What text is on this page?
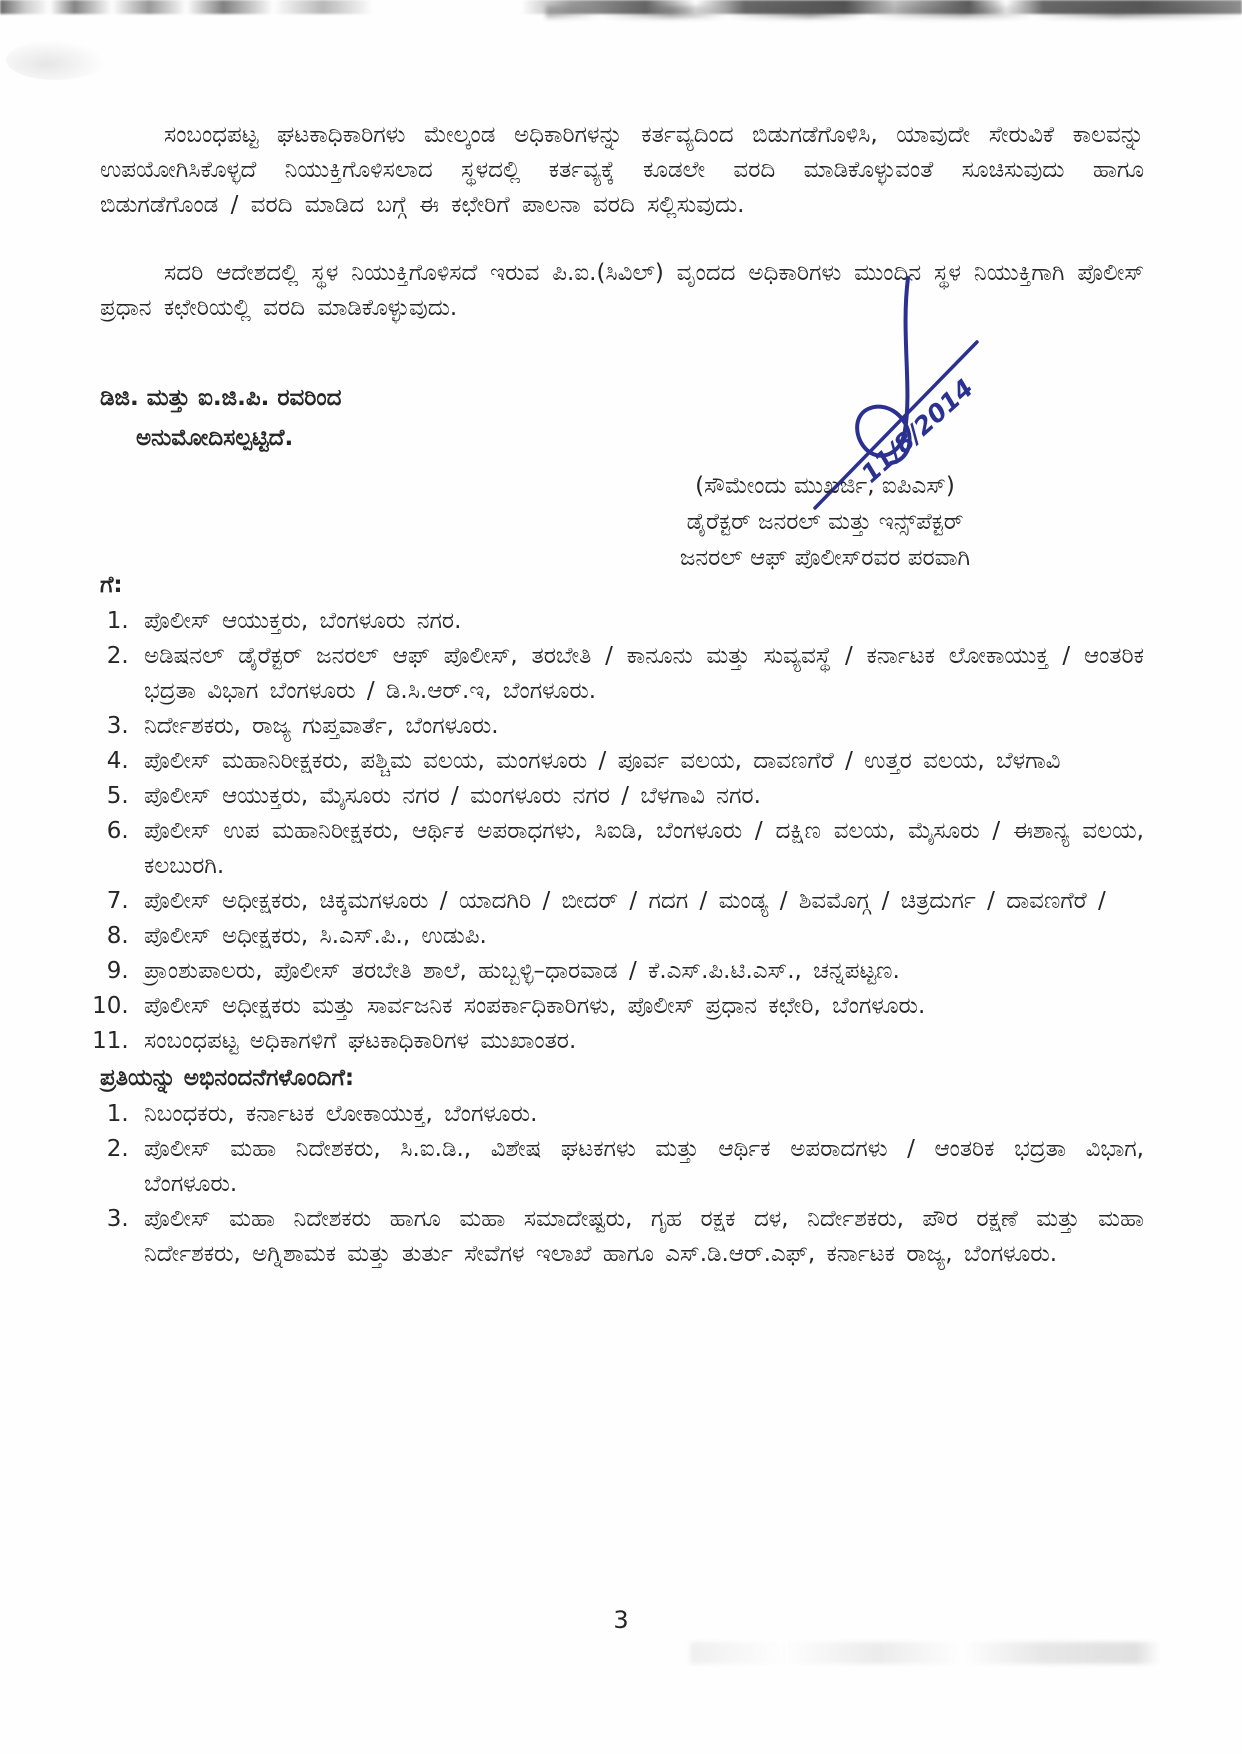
ಸಂಬಂಧಪಟ್ಟ ಘಟಕಾಧಿಕಾರಿಗಳು ಮೇಲ್ಕಂಡ ಅಧಿಕಾರಿಗಳನ್ನು ಕರ್ತವ್ಯದಿಂದ ಬಿಡುಗಡೆಗೊಳಿಸಿ, ಯಾವುದೇ ಸೇರುವಿಕೆ ಕಾಲವನ್ನು ಉಪಯೋಗಿಸಿಕೊಳ್ಳದೆ ನಿಯುಕ್ತಿಗೊಳಿಸಲಾದ ಸ್ಥಳದಲ್ಲಿ ಕರ್ತವ್ಯಕ್ಕೆ ಕೂಡಲೇ ವರದಿ ಮಾಡಿಕೊಳ್ಳುವಂತೆ ಸೂಚಿಸುವುದು ಹಾಗೂ ಬಿಡುಗಡೆಗೊಂಡ / ವರದಿ ಮಾಡಿದ ಬಗ್ಗೆ ಈ ಕಛೇರಿಗೆ ಪಾಲನಾ ವರದಿ ಸಲ್ಲಿಸುವುದು.

ಸದರಿ ಆದೇಶದಲ್ಲಿ ಸ್ಥಳ ನಿಯುಕ್ತಿಗೊಳಿಸದೆ ಇರುವ ಪಿ.ಐ.(ಸಿವಿಲ್) ವೃಂದದ ಅಧಿಕಾರಿಗಳು ಮುಂದಿನ ಸ್ಥಳ ನಿಯುಕ್ತಿಗಾಗಿ ಪೊಲೀಸ್ ಪ್ರಧಾನ ಕಛೇರಿಯಲ್ಲಿ ವರದಿ ಮಾಡಿಕೊಳ್ಳುವುದು.

ಡಿಜಿ. ಮತ್ತು ಐ.ಜಿ.ಪಿ. ರವರಿಂದ
ಅನುಮೋದಿಸಲ್ಪಟ್ಟಿದೆ.	11/8/2014
(ಸೌಮೇಂದು ಮುಖರ್ಜಿ, ಐಪಿಎಸ್)
ಡೈರೆಕ್ಟರ್ ಜನರಲ್ ಮತ್ತು ಇನ್ಸ್‌ಪೆಕ್ಟರ್
ಜನರಲ್ ಆಫ್ ಪೊಲೀಸ್‌ರವರ ಪರವಾಗಿ
ಗೆ:
1. ಪೊಲೀಸ್ ಆಯುಕ್ತರು, ಬೆಂಗಳೂರು ನಗರ.
2. ಅಡಿಷನಲ್ ಡೈರೆಕ್ಟರ್ ಜನರಲ್ ಆಫ್ ಪೊಲೀಸ್, ತರಬೇತಿ / ಕಾನೂನು ಮತ್ತು ಸುವ್ಯವಸ್ಥೆ / ಕರ್ನಾಟಕ ಲೋಕಾಯುಕ್ತ / ಆಂತರಿಕ ಭದ್ರತಾ ವಿಭಾಗ ಬೆಂಗಳೂರು / ಡಿ.ಸಿ.ಆರ್.ಇ, ಬೆಂಗಳೂರು.
3. ನಿರ್ದೇಶಕರು, ರಾಜ್ಯ ಗುಪ್ತವಾರ್ತೆ, ಬೆಂಗಳೂರು.
4. ಪೊಲೀಸ್ ಮಹಾನಿರೀಕ್ಷಕರು, ಪಶ್ಚಿಮ ವಲಯ, ಮಂಗಳೂರು / ಪೂರ್ವ ವಲಯ, ದಾವಣಗೆರೆ / ಉತ್ತರ ವಲಯ, ಬೆಳಗಾವಿ
5. ಪೊಲೀಸ್ ಆಯುಕ್ತರು, ಮೈಸೂರು ನಗರ / ಮಂಗಳೂರು ನಗರ / ಬೆಳಗಾವಿ ನಗರ.
6. ಪೊಲೀಸ್ ಉಪ ಮಹಾನಿರೀಕ್ಷಕರು, ಆರ್ಥಿಕ ಅಪರಾಧಗಳು, ಸಿಐಡಿ, ಬೆಂಗಳೂರು / ದಕ್ಷಿಣ ವಲಯ, ಮೈಸೂರು / ಈಶಾನ್ಯ ವಲಯ, ಕಲಬುರಗಿ.
7. ಪೊಲೀಸ್ ಅಧೀಕ್ಷಕರು, ಚಿಕ್ಕಮಗಳೂರು / ಯಾದಗಿರಿ / ಬೀದರ್ / ಗದಗ / ಮಂಡ್ಯ / ಶಿವಮೊಗ್ಗ / ಚಿತ್ರದುರ್ಗ / ದಾವಣಗೆರೆ /
8. ಪೊಲೀಸ್ ಅಧೀಕ್ಷಕರು, ಸಿ.ಎಸ್.ಪಿ., ಉಡುಪಿ.
9. ಪ್ರಾಂಶುಪಾಲರು, ಪೊಲೀಸ್ ತರಬೇತಿ ಶಾಲೆ, ಹುಬ್ಬಳ್ಳಿ–ಧಾರವಾಡ / ಕೆ.ಎಸ್.ಪಿ.ಟಿ.ಎಸ್., ಚನ್ನಪಟ್ಟಣ.
10. ಪೊಲೀಸ್ ಅಧೀಕ್ಷಕರು ಮತ್ತು ಸಾರ್ವಜನಿಕ ಸಂಪರ್ಕಾಧಿಕಾರಿಗಳು, ಪೊಲೀಸ್ ಪ್ರಧಾನ ಕಛೇರಿ, ಬೆಂಗಳೂರು.
11. ಸಂಬಂಧಪಟ್ಟ ಅಧಿಕಾಗಳಿಗೆ ಘಟಕಾಧಿಕಾರಿಗಳ ಮುಖಾಂತರ.
ಪ್ರತಿಯನ್ನು ಅಭಿನಂದನೆಗಳೊಂದಿಗೆ:
1. ನಿಬಂಧಕರು, ಕರ್ನಾಟಕ ಲೋಕಾಯುಕ್ತ, ಬೆಂಗಳೂರು.
2. ಪೊಲೀಸ್ ಮಹಾ ನಿದೇಶಕರು, ಸಿ.ಐ.ಡಿ., ವಿಶೇಷ ಘಟಕಗಳು ಮತ್ತು ಆರ್ಥಿಕ ಅಪರಾದಗಳು / ಆಂತರಿಕ ಭದ್ರತಾ ವಿಭಾಗ, ಬೆಂಗಳೂರು.
3. ಪೊಲೀಸ್ ಮಹಾ ನಿದೇಶಕರು ಹಾಗೂ ಮಹಾ ಸಮಾದೇಷ್ಟರು, ಗೃಹ ರಕ್ಷಕ ದಳ, ನಿರ್ದೇಶಕರು, ಪೌರ ರಕ್ಷಣೆ ಮತ್ತು ಮಹಾ ನಿರ್ದೇಶಕರು, ಅಗ್ನಿಶಾಮಕ ಮತ್ತು ತುರ್ತು ಸೇವೆಗಳ ಇಲಾಖೆ ಹಾಗೂ ಎಸ್.ಡಿ.ಆರ್.ಎಫ್, ಕರ್ನಾಟಕ ರಾಜ್ಯ, ಬೆಂಗಳೂರು.
3
